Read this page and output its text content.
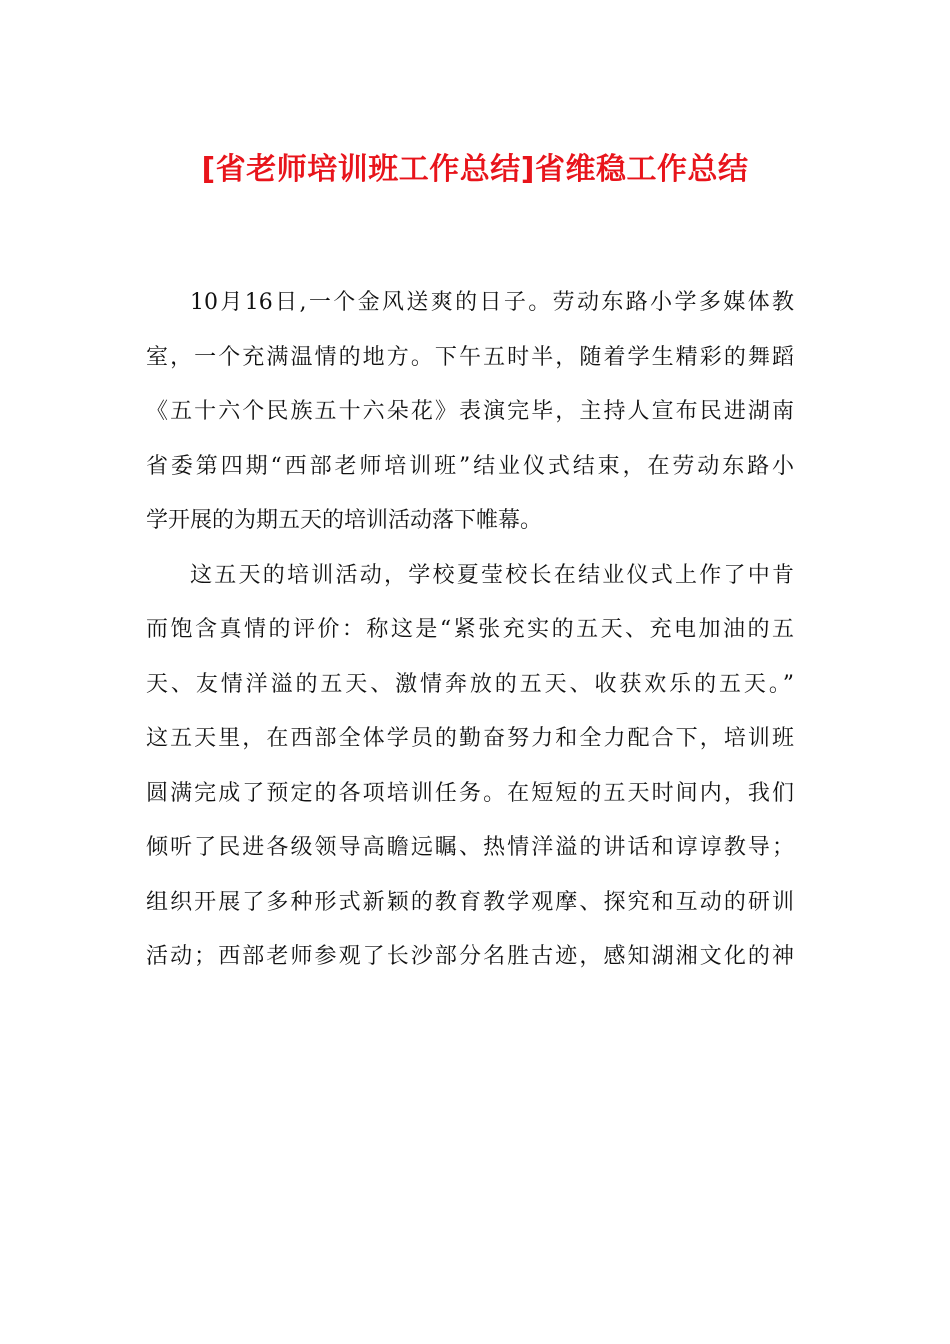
[省老师培训班工作总结]省维稳工作总结
10月16日,一个金风送爽的日子。劳动东路小学多媒体教
室，一个充满温情的地方。下午五时半，随着学生精彩的舞蹈
《五十六个民族五十六朵花》表演完毕，主持人宣布民进湖南
省委第四期“西部老师培训班”结业仪式结束，在劳动东路小
学开展的为期五天的培训活动落下帷幕。
这五天的培训活动，学校夏莹校长在结业仪式上作了中肯
而饱含真情的评价：称这是“紧张充实的五天、充电加油的五
天、友情洋溢的五天、激情奔放的五天、收获欢乐的五天。”
这五天里，在西部全体学员的勤奋努力和全力配合下，培训班
圆满完成了预定的各项培训任务。在短短的五天时间内，我们
倾听了民进各级领导高瞻远瞩、热情洋溢的讲话和谆谆教导；
组织开展了多种形式新颖的教育教学观摩、探究和互动的研训
活动；西部老师参观了长沙部分名胜古迹，感知湖湘文化的神
